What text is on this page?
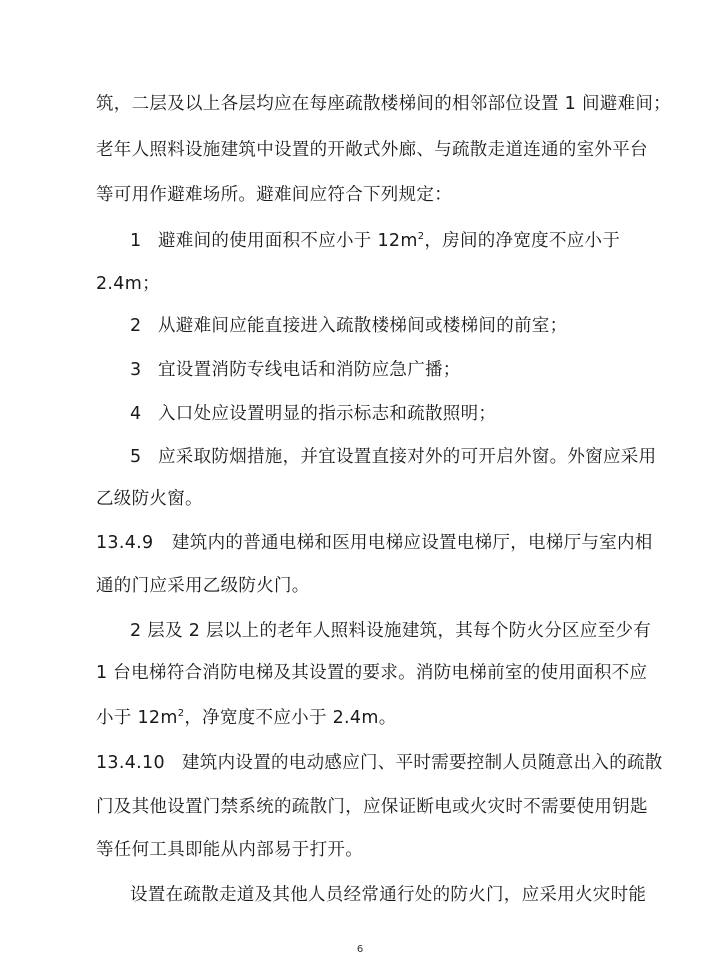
筑，二层及以上各层均应在每座疏散楼梯间的相邻部位设置 1 间避难间；
老年人照料设施建筑中设置的开敞式外廊、与疏散走道连通的室外平台
等可用作避难场所。避难间应符合下列规定：
1 避难间的使用面积不应小于 $12m^2$，房间的净宽度不应小于
2.4m；
2 从避难间应能直接进入疏散楼梯间或楼梯间的前室；
3 宜设置消防专线电话和消防应急广播；
4 入口处应设置明显的指示标志和疏散照明；
5 应采取防烟措施，并宜设置直接对外的可开启外窗。外窗应采用
乙级防火窗。
13.4.9 建筑内的普通电梯和医用电梯应设置电梯厅，电梯厅与室内相
通的门应采用乙级防火门。
2 层及 2 层以上的老年人照料设施建筑，其每个防火分区应至少有
1 台电梯符合消防电梯及其设置的要求。消防电梯前室的使用面积不应
小于 $12m^2$，净宽度不应小于 2.4m。
13.4.10 建筑内设置的电动感应门、平时需要控制人员随意出入的疏散
门及其他设置门禁系统的疏散门，应保证断电或火灾时不需要使用钥匙
等任何工具即能从内部易于打开。
设置在疏散走道及其他人员经常通行处的防火门，应采用火灾时能
6
